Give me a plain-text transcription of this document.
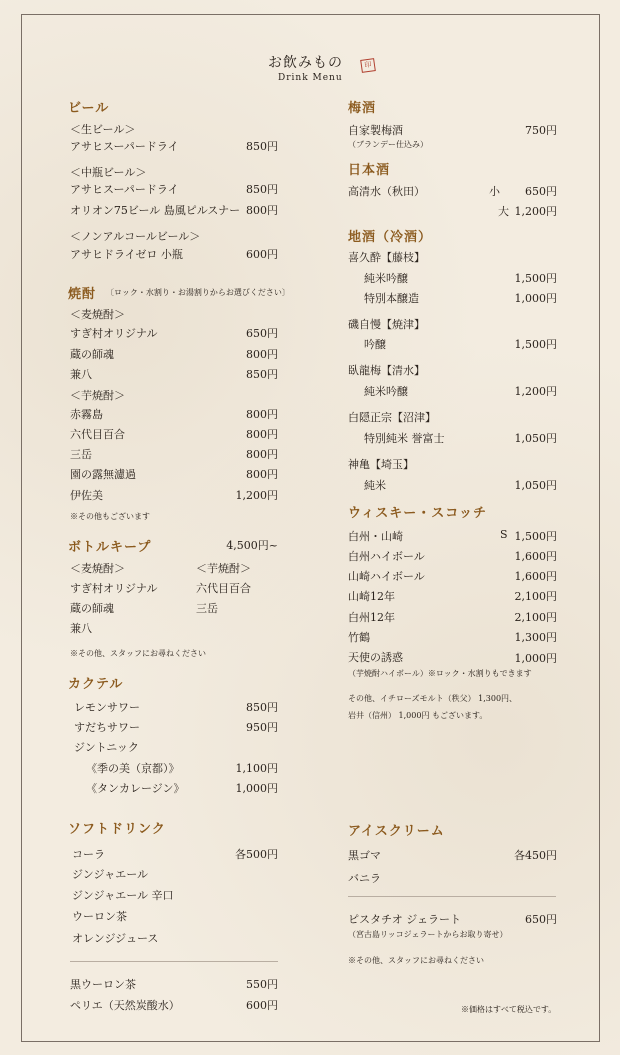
お飲みもの
Drink Menu
印
ビール
＜生ビール＞
アサヒスーパードライ	850円
＜中瓶ビール＞
アサヒスーパードライ	850円
オリオン75ビール 島風ピルスナー 800円
＜ノンアルコールビール＞
アサヒドライゼロ 小瓶	600円
焼酎 〔ロック・水割り・お湯割りからお選びください〕
＜麦焼酎＞
すぎ村オリジナル	650円
蔵の師魂	800円
兼八	850円
＜芋焼酎＞
赤霧島	800円
六代目百合	800円
三岳	800円
園の露無濾過	800円
伊佐美	1,200円
※その他もございます
ボトルキープ	4,500円~
＜麦焼酎＞	＜芋焼酎＞
すぎ村オリジナル	六代目百合
蔵の師魂	三岳
兼八
※その他、スタッフにお尋ねください
カクテル
レモンサワー	850円
すだちサワー	950円
ジントニック
《季の美（京都）》	1,100円
《タンカレージン》	1,000円
ソフトドリンク
コーラ	各500円
ジンジャエール
ジンジャエール 辛口
ウーロン茶
オレンジジュース
黒ウーロン茶	550円
ペリエ（天然炭酸水）	600円
梅酒
自家製梅酒	750円
（ブランデー仕込み）
日本酒
高清水（秋田）	小	650円
大 1,200円
地酒（冷酒）
喜久酔【藤枝】
純米吟醸	1,500円
特別本醸造	1,000円
磯自慢【焼津】
吟醸	1,500円
臥龍梅【清水】
純米吟醸	1,200円
白隠正宗【沼津】
特別純米 誉富士	1,050円
神亀【埼玉】
純米	1,050円
ウィスキー・スコッチ
白州・山崎	S 1,500円
白州ハイボール	1,600円
山崎ハイボール	1,600円
山崎12年	2,100円
白州12年	2,100円
竹鶴	1,300円
天使の誘惑	1,000円
（芋焼酎ハイボール）※ロック・水割りもできます
その他、イチローズモルト（秩父） 1,300円、
岩井（信州） 1,000円 もございます。
アイスクリーム
黒ゴマ	各450円
バニラ
ピスタチオ ジェラート	650円
（宮古島リッコジェラートからお取り寄せ）
※その他、スタッフにお尋ねください
※価格はすべて税込です。
